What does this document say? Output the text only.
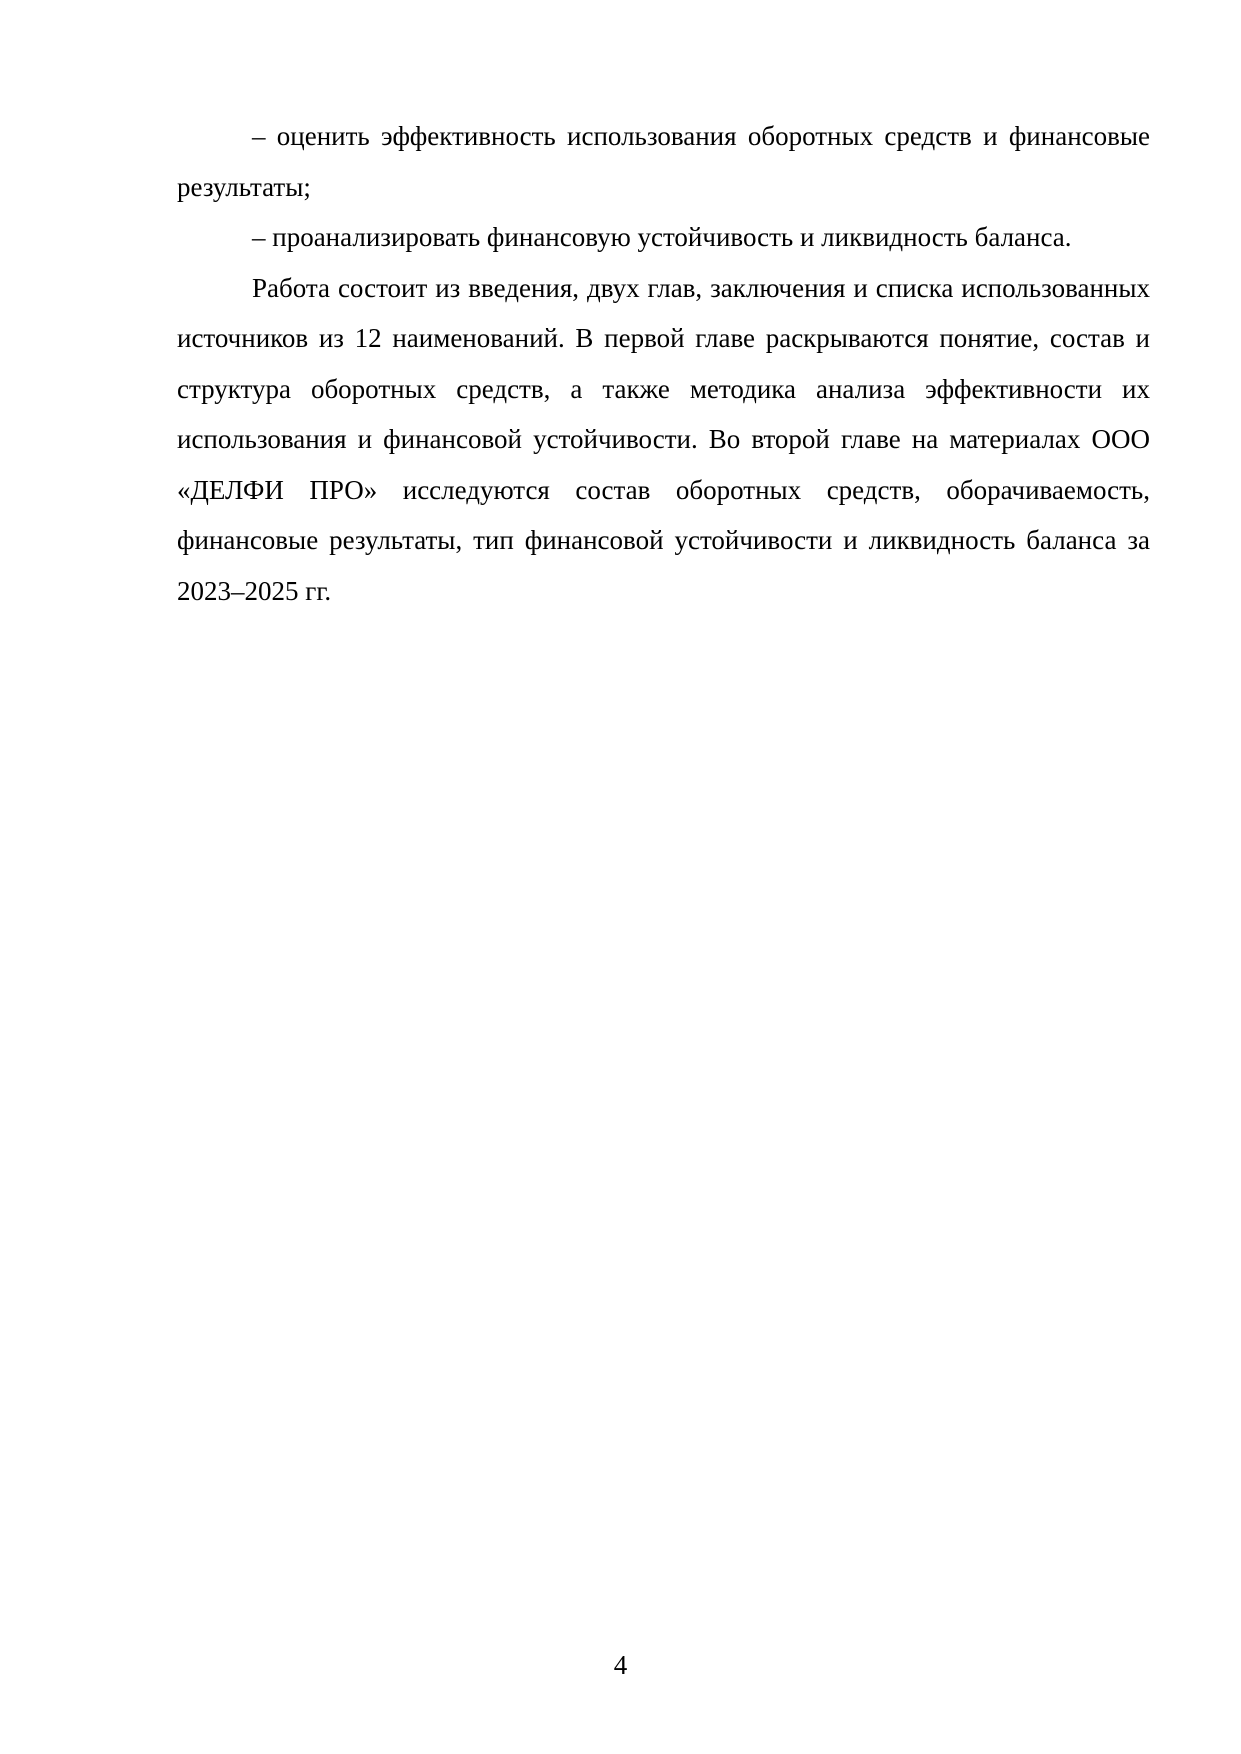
– оценить эффективность использования оборотных средств и финансовые результаты;

– проанализировать финансовую устойчивость и ликвидность баланса.

Работа состоит из введения, двух глав, заключения и списка использованных источников из 12 наименований. В первой главе раскрываются понятие, состав и структура оборотных средств, а также методика анализа эффективности их использования и финансовой устойчивости. Во второй главе на материалах ООО «ДЕЛФИ ПРО» исследуются состав оборотных средств, оборачиваемость, финансовые результаты, тип финансовой устойчивости и ликвидность баланса за 2023–2025 гг.

4
